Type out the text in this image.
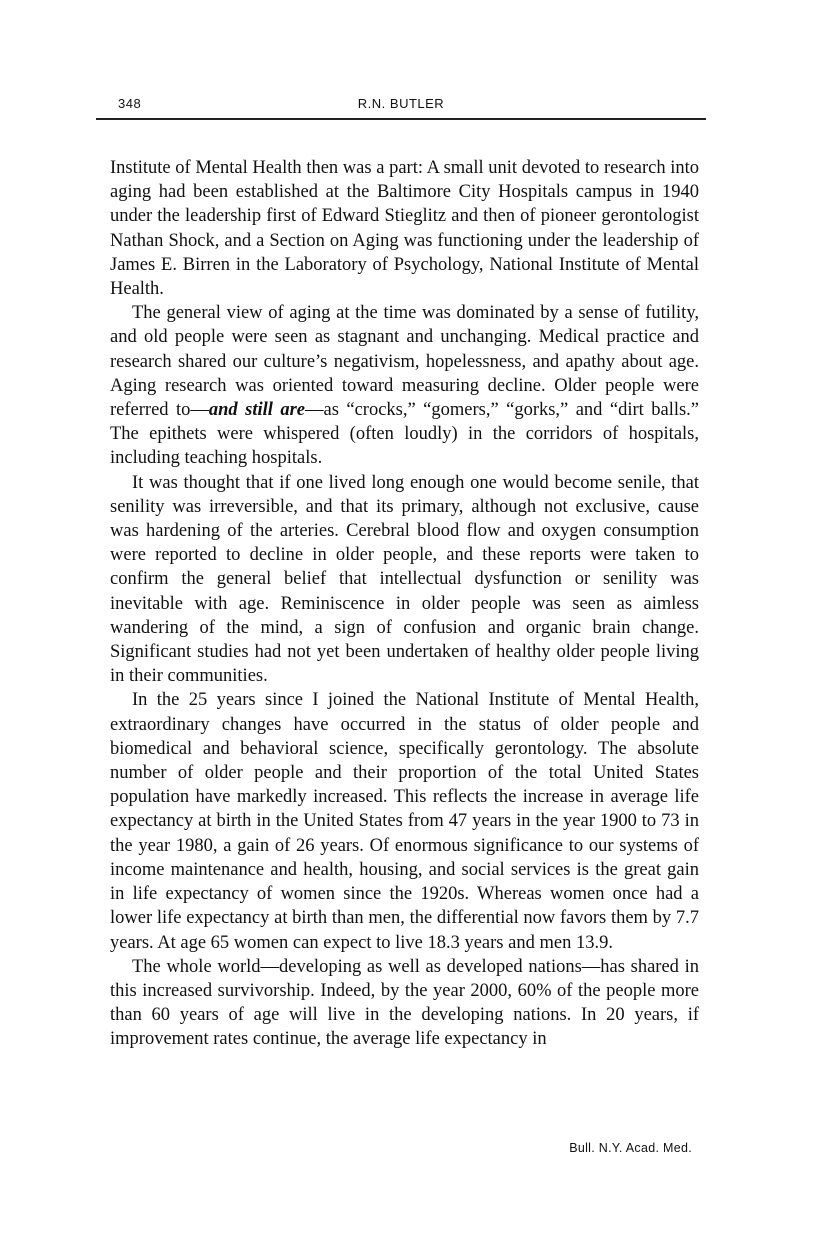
348	R.N. BUTLER

Institute of Mental Health then was a part: A small unit devoted to research into aging had been established at the Baltimore City Hospitals campus in 1940 under the leadership first of Edward Stieglitz and then of pioneer gerontologist Nathan Shock, and a Section on Aging was functioning under the leadership of James E. Birren in the Laboratory of Psychology, National Institute of Mental Health.

The general view of aging at the time was dominated by a sense of futility, and old people were seen as stagnant and unchanging. Medical practice and research shared our culture’s negativism, hopelessness, and apathy about age. Aging research was oriented toward measuring decline. Older people were referred to—and still are—as “crocks,” “gomers,” “gorks,” and “dirt balls.” The epithets were whispered (often loudly) in the corridors of hospitals, including teaching hospitals.

It was thought that if one lived long enough one would become senile, that senility was irreversible, and that its primary, although not exclusive, cause was hardening of the arteries. Cerebral blood flow and oxygen consumption were reported to decline in older people, and these reports were taken to confirm the general belief that intellectual dysfunction or senility was inevitable with age. Reminiscence in older people was seen as aimless wandering of the mind, a sign of confusion and organic brain change. Significant studies had not yet been undertaken of healthy older people living in their communities.

In the 25 years since I joined the National Institute of Mental Health, extraordinary changes have occurred in the status of older people and biomedical and behavioral science, specifically gerontology. The absolute number of older people and their proportion of the total United States population have markedly increased. This reflects the increase in average life expectancy at birth in the United States from 47 years in the year 1900 to 73 in the year 1980, a gain of 26 years. Of enormous significance to our systems of income maintenance and health, housing, and social services is the great gain in life expectancy of women since the 1920s. Whereas women once had a lower life expectancy at birth than men, the differential now favors them by 7.7 years. At age 65 women can expect to live 18.3 years and men 13.9.

The whole world—developing as well as developed nations—has shared in this increased survivorship. Indeed, by the year 2000, 60% of the people more than 60 years of age will live in the developing nations. In 20 years, if improvement rates continue, the average life expectancy in

Bull. N.Y. Acad. Med.
